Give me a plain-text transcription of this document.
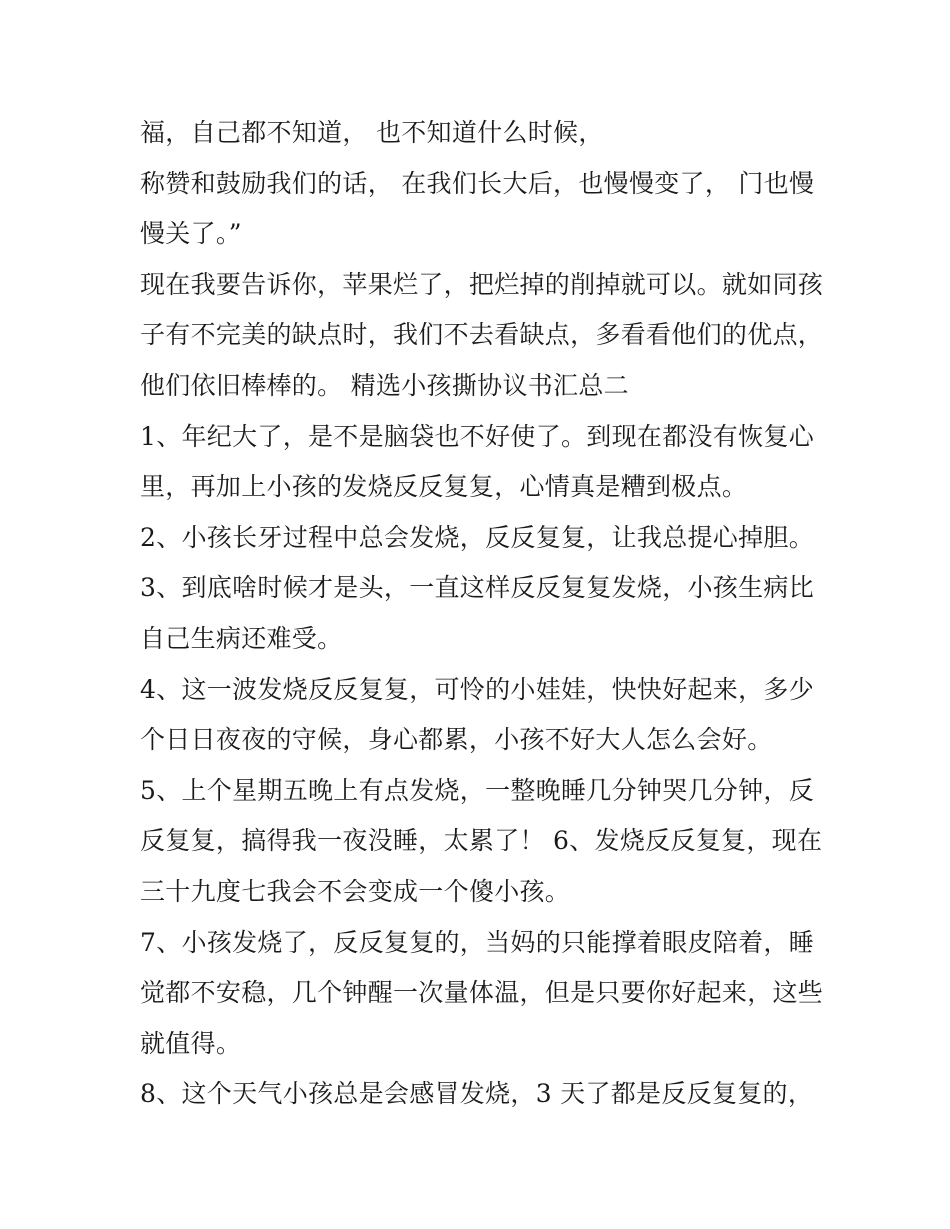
福，自己都不知道， 也不知道什么时候，
称赞和鼓励我们的话， 在我们长大后，也慢慢变了， 门也慢
慢关了。”
现在我要告诉你，苹果烂了，把烂掉的削掉就可以。就如同孩
子有不完美的缺点时，我们不去看缺点，多看看他们的优点，
他们依旧棒棒的。 精选小孩撕协议书汇总二
1、年纪大了，是不是脑袋也不好使了。到现在都没有恢复心
里，再加上小孩的发烧反反复复，心情真是糟到极点。
2、小孩长牙过程中总会发烧，反反复复，让我总提心掉胆。
3、到底啥时候才是头，一直这样反反复复发烧，小孩生病比
自己生病还难受。
4、这一波发烧反反复复，可怜的小娃娃，快快好起来，多少
个日日夜夜的守候，身心都累，小孩不好大人怎么会好。
5、上个星期五晚上有点发烧，一整晚睡几分钟哭几分钟，反
反复复，搞得我一夜没睡，太累了！ 6、发烧反反复复，现在
三十九度七我会不会变成一个傻小孩。
7、小孩发烧了，反反复复的，当妈的只能撑着眼皮陪着，睡
觉都不安稳，几个钟醒一次量体温，但是只要你好起来，这些
就值得。
8、这个天气小孩总是会感冒发烧，3 天了都是反反复复的，
